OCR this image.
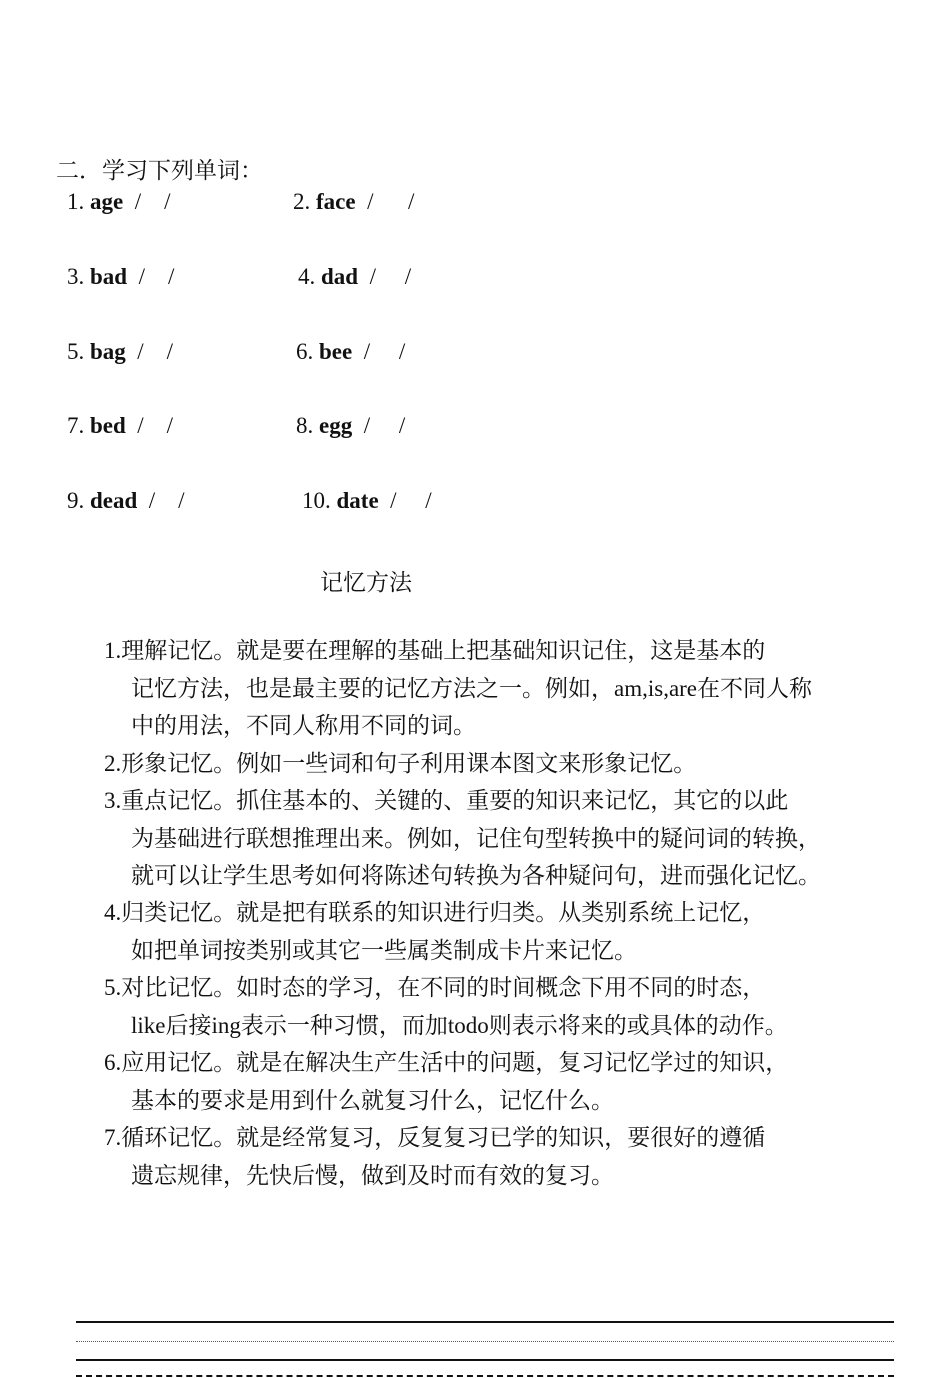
二．学习下列单词：
1. age  /    /	2. face  /      /
3. bad  /    /	4. dad  /     /
5. bag  /    /	6. bee  /     /
7. bed  /    /	8. egg  /     /
9. dead  /    /	10. date  /     /
记忆方法
1.理解记忆。就是要在理解的基础上把基础知识记住，这是基本的
记忆方法，也是最主要的记忆方法之一。例如，am,is,are在不同人称
中的用法，不同人称用不同的词。
2.形象记忆。例如一些词和句子利用课本图文来形象记忆。
3.重点记忆。抓住基本的、关键的、重要的知识来记忆，其它的以此
为基础进行联想推理出来。例如，记住句型转换中的疑问词的转换，
就可以让学生思考如何将陈述句转换为各种疑问句，进而强化记忆。
4.归类记忆。就是把有联系的知识进行归类。从类别系统上记忆，
如把单词按类别或其它一些属类制成卡片来记忆。
5.对比记忆。如时态的学习，在不同的时间概念下用不同的时态，
like后接ing表示一种习惯，而加todo则表示将来的或具体的动作。
6.应用记忆。就是在解决生产生活中的问题，复习记忆学过的知识，
基本的要求是用到什么就复习什么，记忆什么。
7.循环记忆。就是经常复习，反复复习已学的知识，要很好的遵循
遗忘规律，先快后慢，做到及时而有效的复习。
